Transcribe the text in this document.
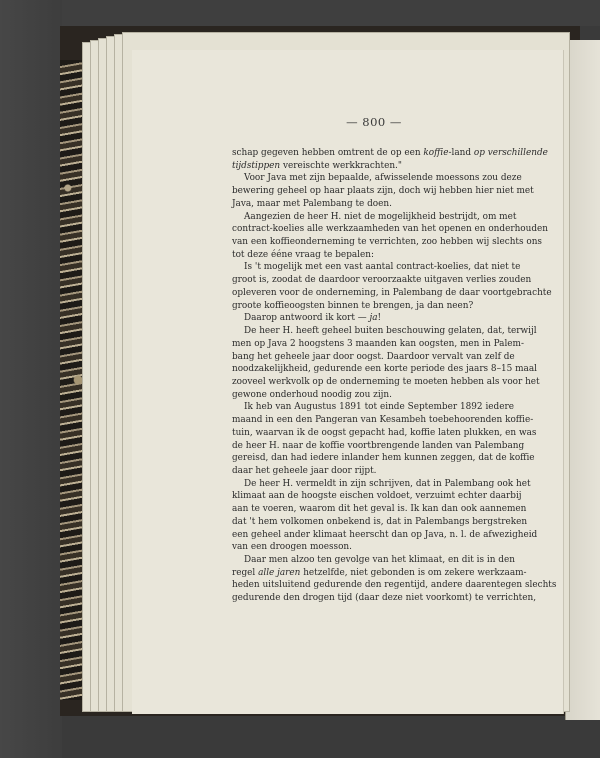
— 800 —
schap gegeven hebben omtrent de op een koffie-land op verschillende
tijdstippen vereischte werkkrachten."
Voor Java met zijn bepaalde, afwisselende moessons zou deze
bewering geheel op haar plaats zijn, doch wij hebben hier niet met
Java, maar met Palembang te doen.
Aangezien de heer H. niet de mogelijkheid bestrijdt, om met
contract-koelies alle werkzaamheden van het openen en onderhouden
van een koffieonderneming te verrichten, zoo hebben wij slechts ons
tot deze ééne vraag te bepalen:
Is 't mogelijk met een vast aantal contract-koelies, dat niet te
groot is, zoodat de daardoor veroorzaakte uitgaven verlies zouden
opleveren voor de onderneming, in Palembang de daar voortgebrachte
groote koffieoogsten binnen te brengen, ja dan neen?
Daarop antwoord ik kort — ja!
De heer H. heeft geheel buiten beschouwing gelaten, dat, terwijl
men op Java 2 hoogstens 3 maanden kan oogsten, men in Palem-
bang het geheele jaar door oogst. Daardoor vervalt van zelf de
noodzakelijkheid, gedurende een korte periode des jaars 8–15 maal
zooveel werkvolk op de onderneming te moeten hebben als voor het
gewone onderhoud noodig zou zijn.
Ik heb van Augustus 1891 tot einde September 1892 iedere
maand in een den Pangeran van Kesambeh toebehoorenden koffie-
tuin, waarvan ik de oogst gepacht had, koffie laten plukken, en was
de heer H. naar de koffie voortbrengende landen van Palembang
gereisd, dan had iedere inlander hem kunnen zeggen, dat de koffie
daar het geheele jaar door rijpt.
De heer H. vermeldt in zijn schrijven, dat in Palembang ook het
klimaat aan de hoogste eischen voldoet, verzuimt echter daarbij
aan te voeren, waarom dit het geval is. Ik kan dan ook aannemen
dat 't hem volkomen onbekend is, dat in Palembangs bergstreken
een geheel ander klimaat heerscht dan op Java, n. l. de afwezigheid
van een droogen moesson.
Daar men alzoo ten gevolge van het klimaat, en dit is in den
regel alle jaren hetzelfde, niet gebonden is om zekere werkzaam-
heden uitsluitend gedurende den regentijd, andere daarentegen slechts
gedurende den drogen tijd (daar deze niet voorkomt) te verrichten,
